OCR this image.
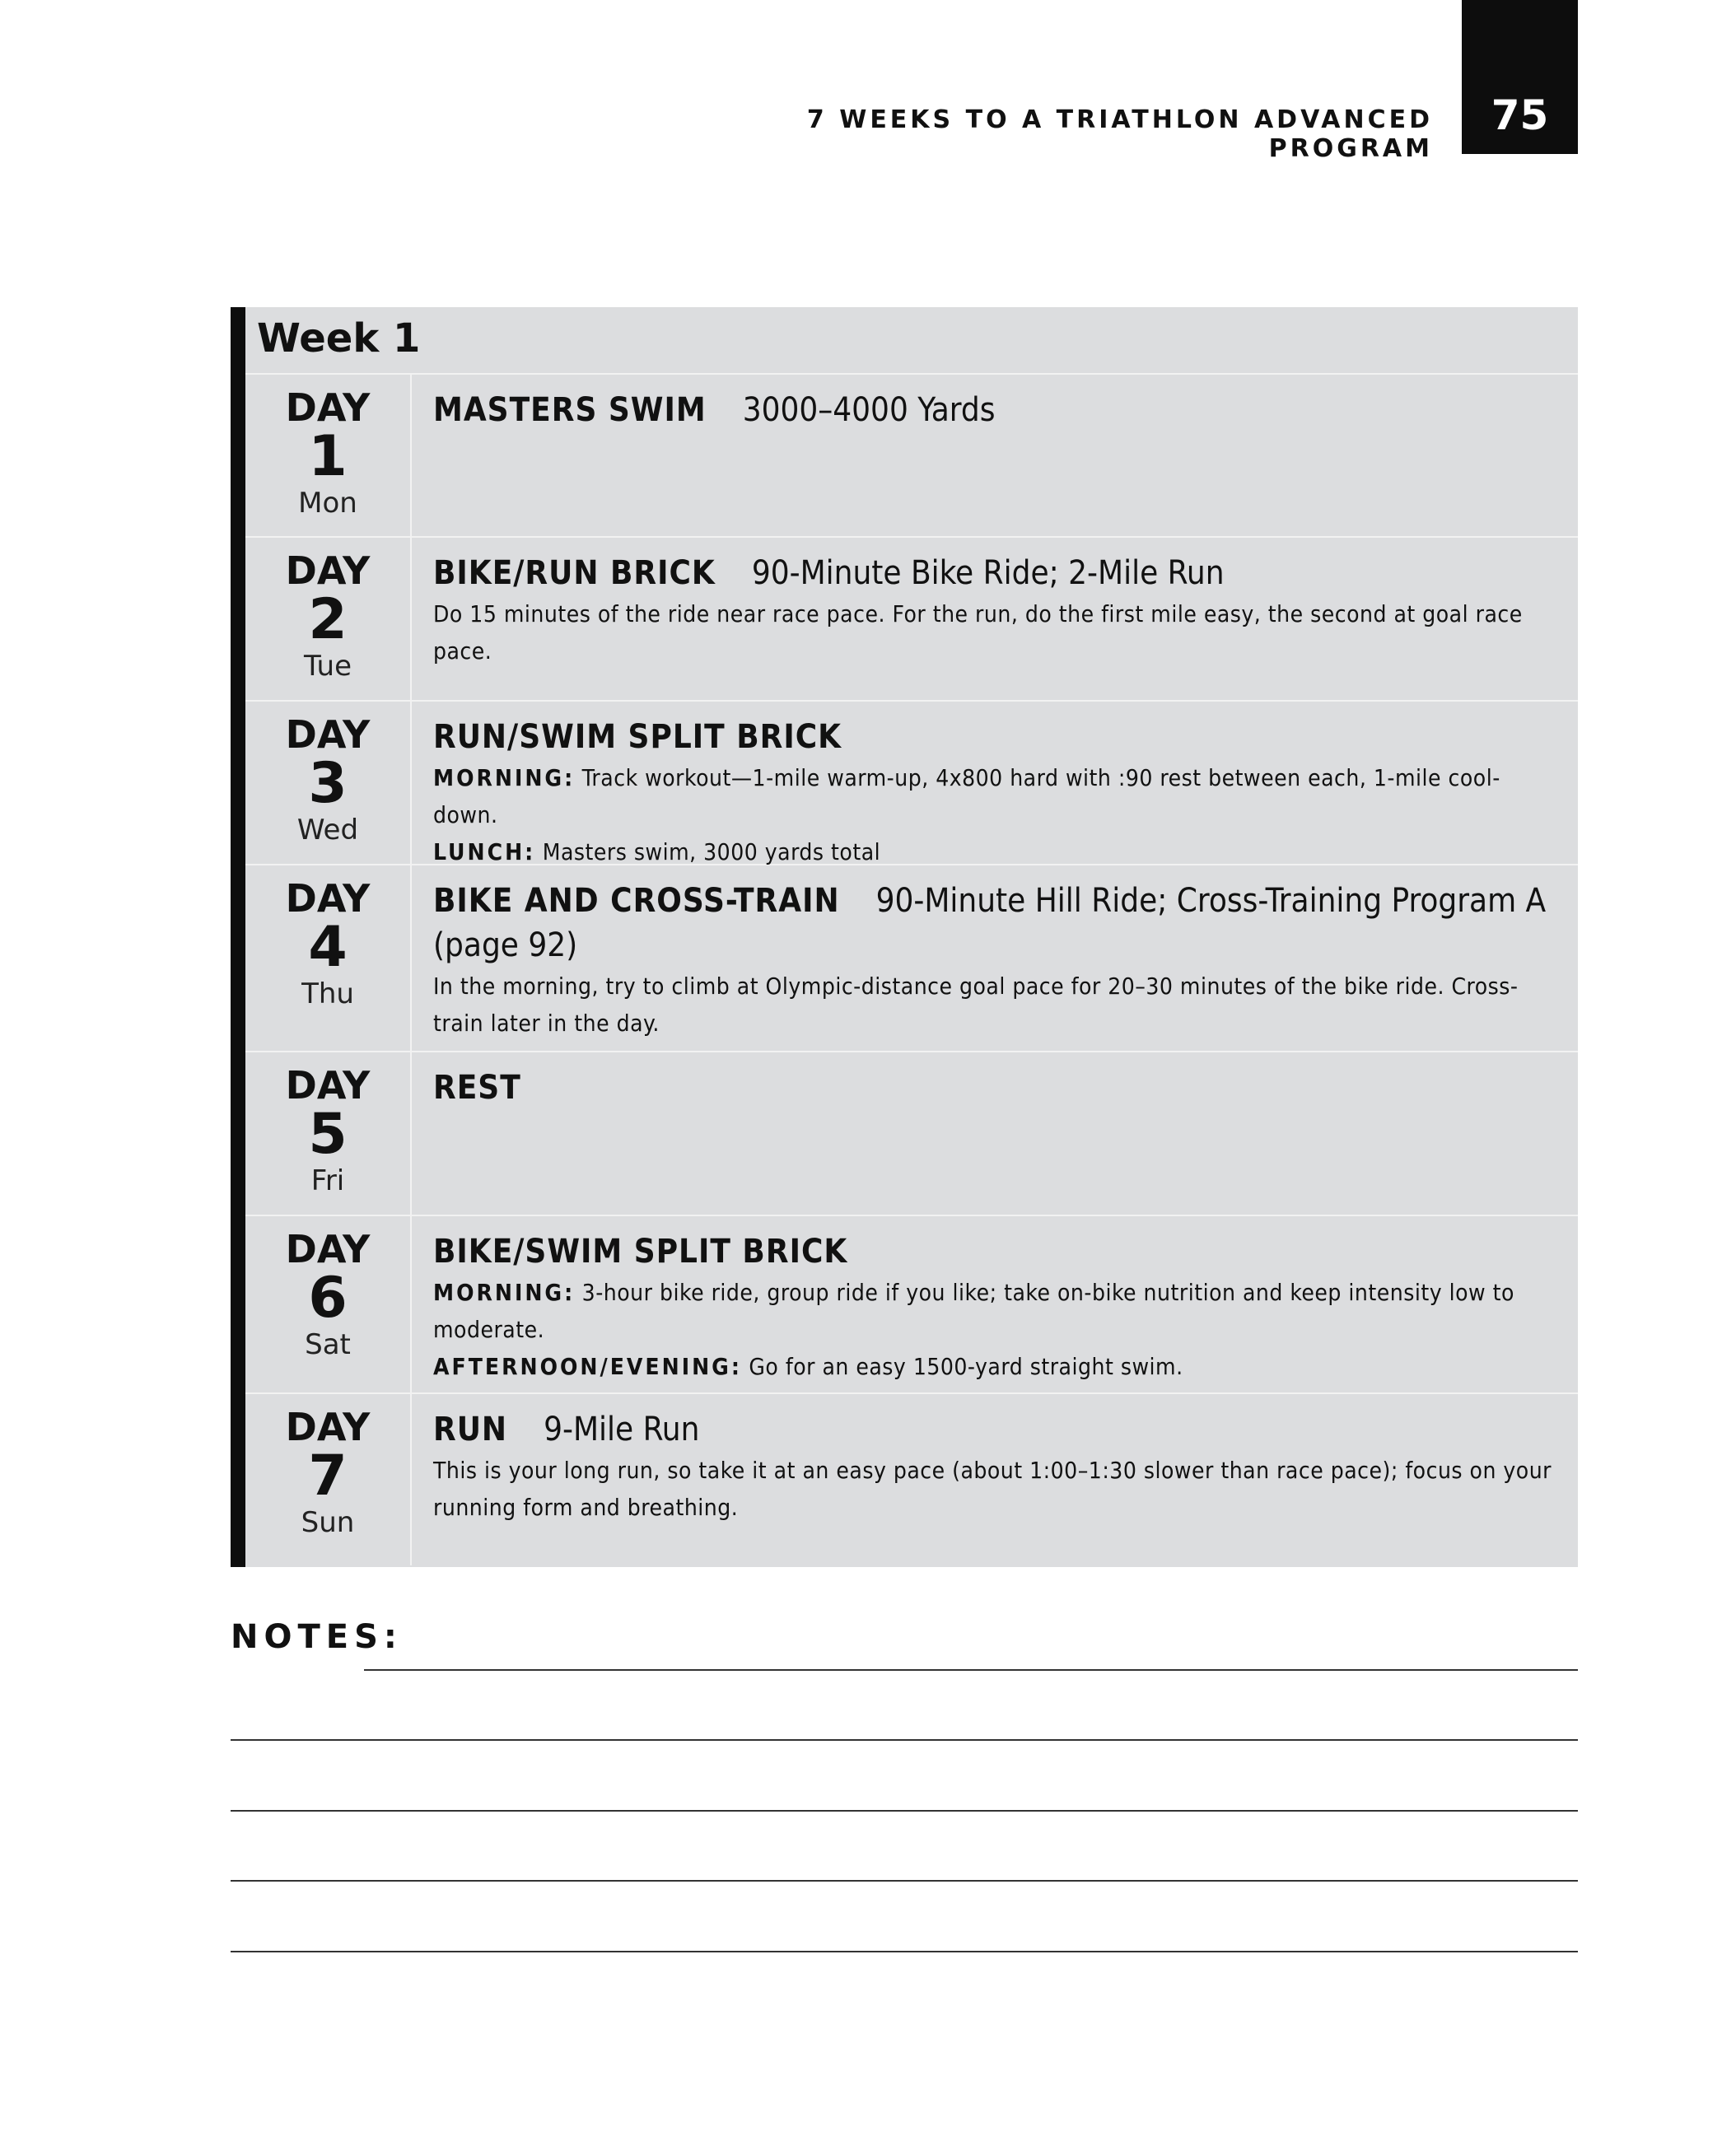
7 WEEKS TO A TRIATHLON ADVANCED PROGRAM
75
Week 1
DAY
1
Mon
MASTERS SWIM 3000–4000 Yards
DAY
2
Tue
BIKE/RUN BRICK 90-Minute Bike Ride; 2-Mile Run
Do 15 minutes of the ride near race pace. For the run, do the first mile easy, the second at goal race pace.
DAY
3
Wed
RUN/SWIM SPLIT BRICK
MORNING: Track workout—1-mile warm-up, 4x800 hard with :90 rest between each, 1-mile cool-down.
LUNCH: Masters swim, 3000 yards total
DAY
4
Thu
BIKE AND CROSS-TRAIN 90-Minute Hill Ride; Cross-Training Program A (page 92)
In the morning, try to climb at Olympic-distance goal pace for 20–30 minutes of the bike ride. Cross-train later in the day.
DAY
5
Fri
REST
DAY
6
Sat
BIKE/SWIM SPLIT BRICK
MORNING: 3-hour bike ride, group ride if you like; take on-bike nutrition and keep intensity low to moderate.
AFTERNOON/EVENING: Go for an easy 1500-yard straight swim.
DAY
7
Sun
RUN 9-Mile Run
This is your long run, so take it at an easy pace (about 1:00–1:30 slower than race pace); focus on your running form and breathing.
NOTES:
